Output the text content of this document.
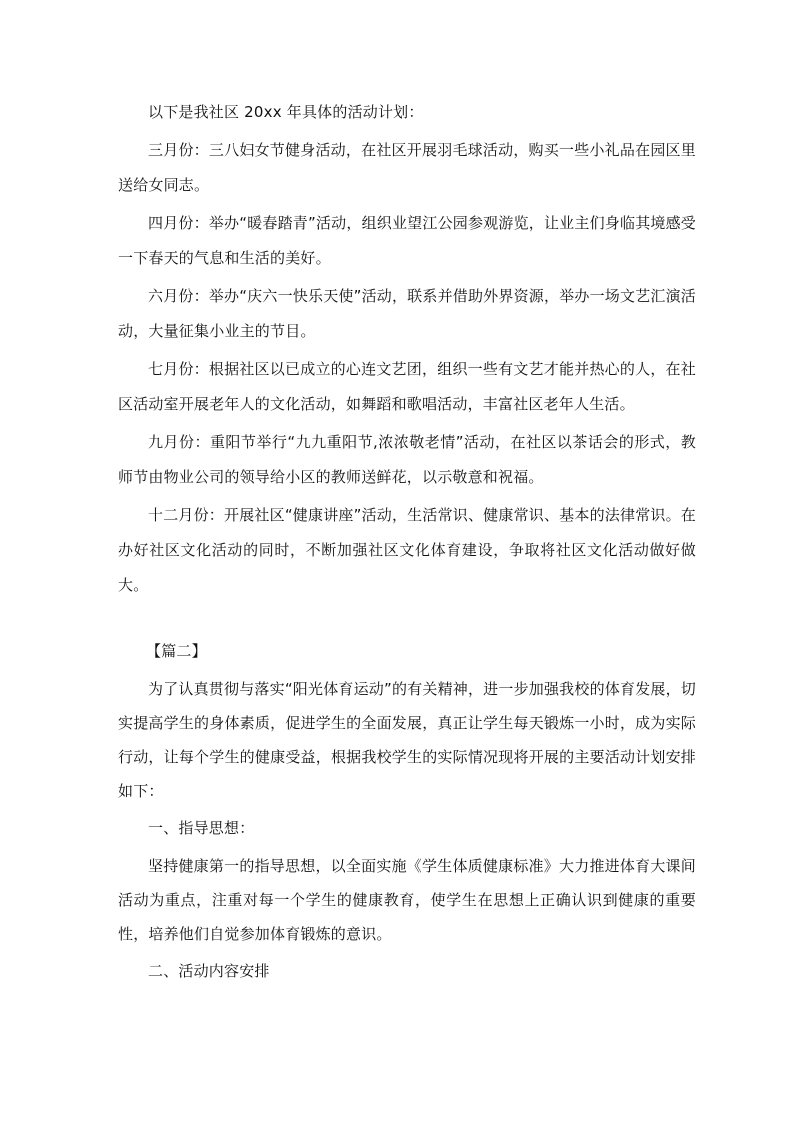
以下是我社区 20xx 年具体的活动计划：

三月份：三八妇女节健身活动，在社区开展羽毛球活动，购买一些小礼品在园区里送给女同志。

四月份：举办“暖春踏青”活动，组织业望江公园参观游览，让业主们身临其境感受一下春天的气息和生活的美好。

六月份：举办“庆六一快乐天使”活动，联系并借助外界资源，举办一场文艺汇演活动，大量征集小业主的节目。

七月份：根据社区以已成立的心连文艺团，组织一些有文艺才能并热心的人，在社区活动室开展老年人的文化活动，如舞蹈和歌唱活动，丰富社区老年人生活。

九月份：重阳节举行“九九重阳节,浓浓敬老情”活动，在社区以茶话会的形式，教师节由物业公司的领导给小区的教师送鲜花，以示敬意和祝福。

十二月份：开展社区“健康讲座”活动，生活常识、健康常识、基本的法律常识。在办好社区文化活动的同时，不断加强社区文化体育建设，争取将社区文化活动做好做大。

【篇二】

为了认真贯彻与落实“阳光体育运动”的有关精神，进一步加强我校的体育发展，切实提高学生的身体素质，促进学生的全面发展，真正让学生每天锻炼一小时，成为实际行动，让每个学生的健康受益，根据我校学生的实际情况现将开展的主要活动计划安排如下：

一、指导思想：

坚持健康第一的指导思想，以全面实施《学生体质健康标准》大力推进体育大课间活动为重点，注重对每一个学生的健康教育，使学生在思想上正确认识到健康的重要性，培养他们自觉参加体育锻炼的意识。

二、活动内容安排
